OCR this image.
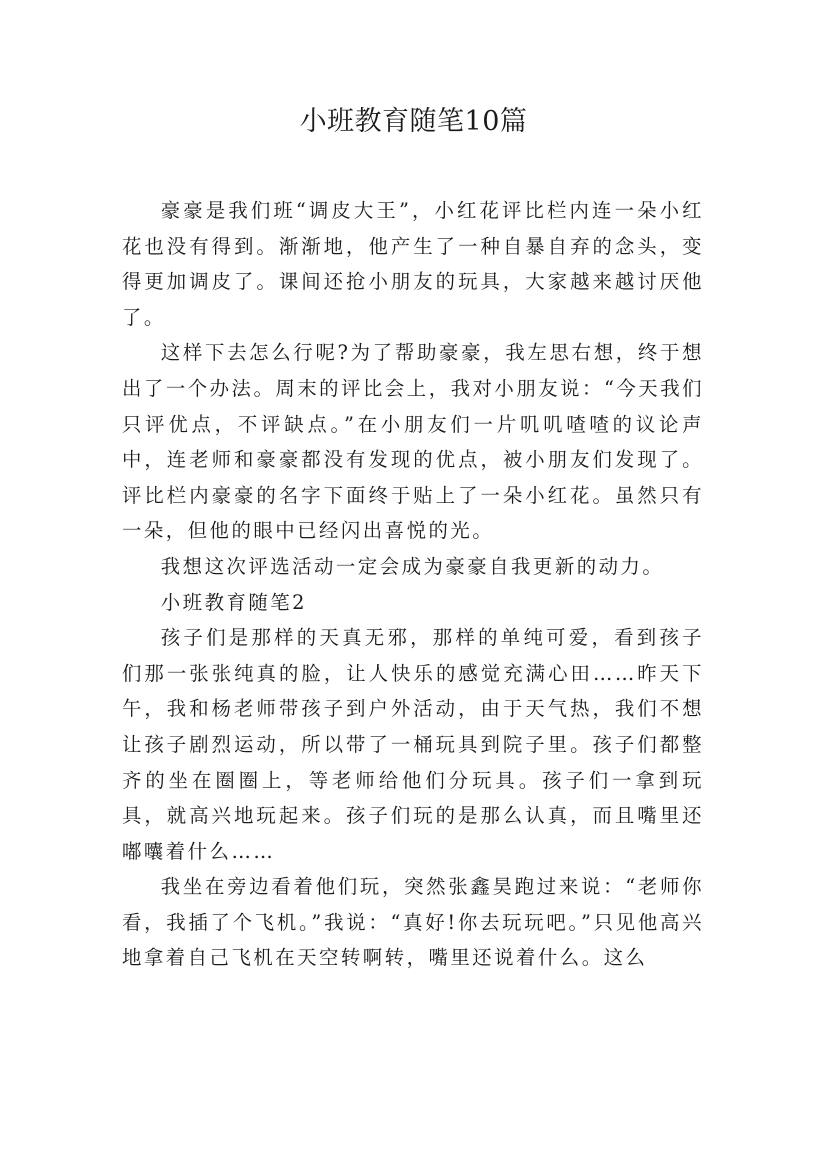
小班教育随笔10篇

豪豪是我们班“调皮大王”，小红花评比栏内连一朵小红花也没有得到。渐渐地，他产生了一种自暴自弃的念头，变得更加调皮了。课间还抢小朋友的玩具，大家越来越讨厌他了。

这样下去怎么行呢?为了帮助豪豪，我左思右想，终于想出了一个办法。周末的评比会上，我对小朋友说：“今天我们只评优点，不评缺点。”在小朋友们一片叽叽喳喳的议论声中，连老师和豪豪都没有发现的优点，被小朋友们发现了。评比栏内豪豪的名字下面终于贴上了一朵小红花。虽然只有一朵，但他的眼中已经闪出喜悦的光。

我想这次评选活动一定会成为豪豪自我更新的动力。

小班教育随笔2

孩子们是那样的天真无邪，那样的单纯可爱，看到孩子们那一张张纯真的脸，让人快乐的感觉充满心田……昨天下午，我和杨老师带孩子到户外活动，由于天气热，我们不想让孩子剧烈运动，所以带了一桶玩具到院子里。孩子们都整齐的坐在圈圈上，等老师给他们分玩具。孩子们一拿到玩具，就高兴地玩起来。孩子们玩的是那么认真，而且嘴里还嘟囔着什么……

我坐在旁边看着他们玩，突然张鑫昊跑过来说：“老师你看，我插了个飞机。”我说：“真好!你去玩玩吧。”只见他高兴地拿着自己飞机在天空转啊转，嘴里还说着什么。这么
